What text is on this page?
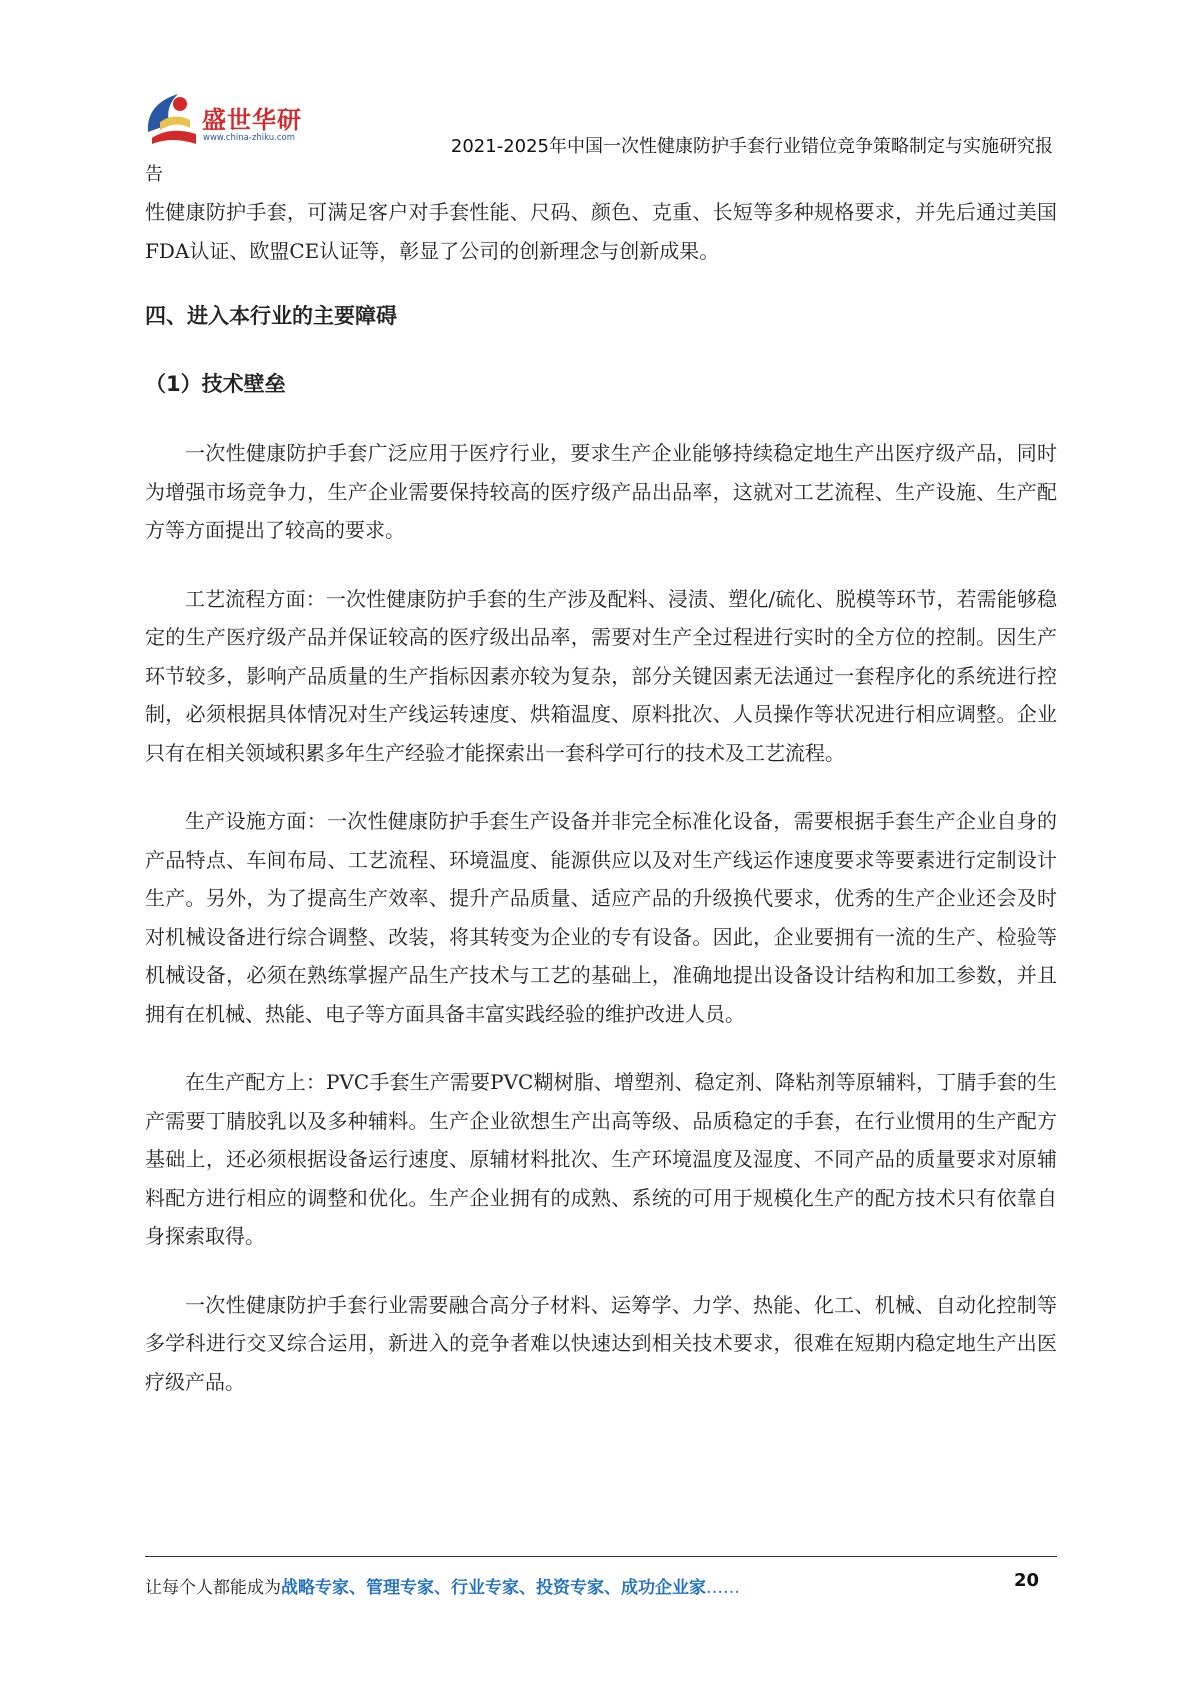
盛世华研
www.china-zhiku.com	2021-2025年中国一次性健康防护手套行业错位竞争策略制定与实施研究报
告

性健康防护手套，可满足客户对手套性能、尺码、颜色、克重、长短等多种规格要求，并先后通过美国FDA认证、欧盟CE认证等，彰显了公司的创新理念与创新成果。

四、进入本行业的主要障碍

（1）技术壁垒

一次性健康防护手套广泛应用于医疗行业，要求生产企业能够持续稳定地生产出医疗级产品，同时为增强市场竞争力，生产企业需要保持较高的医疗级产品出品率，这就对工艺流程、生产设施、生产配方等方面提出了较高的要求。

工艺流程方面：一次性健康防护手套的生产涉及配料、浸渍、塑化/硫化、脱模等环节，若需能够稳定的生产医疗级产品并保证较高的医疗级出品率，需要对生产全过程进行实时的全方位的控制。因生产环节较多，影响产品质量的生产指标因素亦较为复杂，部分关键因素无法通过一套程序化的系统进行控制，必须根据具体情况对生产线运转速度、烘箱温度、原料批次、人员操作等状况进行相应调整。企业只有在相关领域积累多年生产经验才能探索出一套科学可行的技术及工艺流程。

生产设施方面：一次性健康防护手套生产设备并非完全标准化设备，需要根据手套生产企业自身的产品特点、车间布局、工艺流程、环境温度、能源供应以及对生产线运作速度要求等要素进行定制设计生产。另外，为了提高生产效率、提升产品质量、适应产品的升级换代要求，优秀的生产企业还会及时对机械设备进行综合调整、改装，将其转变为企业的专有设备。因此，企业要拥有一流的生产、检验等机械设备，必须在熟练掌握产品生产技术与工艺的基础上，准确地提出设备设计结构和加工参数，并且拥有在机械、热能、电子等方面具备丰富实践经验的维护改进人员。

在生产配方上：PVC手套生产需要PVC糊树脂、增塑剂、稳定剂、降粘剂等原辅料，丁腈手套的生产需要丁腈胶乳以及多种辅料。生产企业欲想生产出高等级、品质稳定的手套，在行业惯用的生产配方基础上，还必须根据设备运行速度、原辅材料批次、生产环境温度及湿度、不同产品的质量要求对原辅料配方进行相应的调整和优化。生产企业拥有的成熟、系统的可用于规模化生产的配方技术只有依靠自身探索取得。

一次性健康防护手套行业需要融合高分子材料、运筹学、力学、热能、化工、机械、自动化控制等多学科进行交叉综合运用，新进入的竞争者难以快速达到相关技术要求，很难在短期内稳定地生产出医疗级产品。

让每个人都能成为战略专家、管理专家、行业专家、投资专家、成功企业家……	20
